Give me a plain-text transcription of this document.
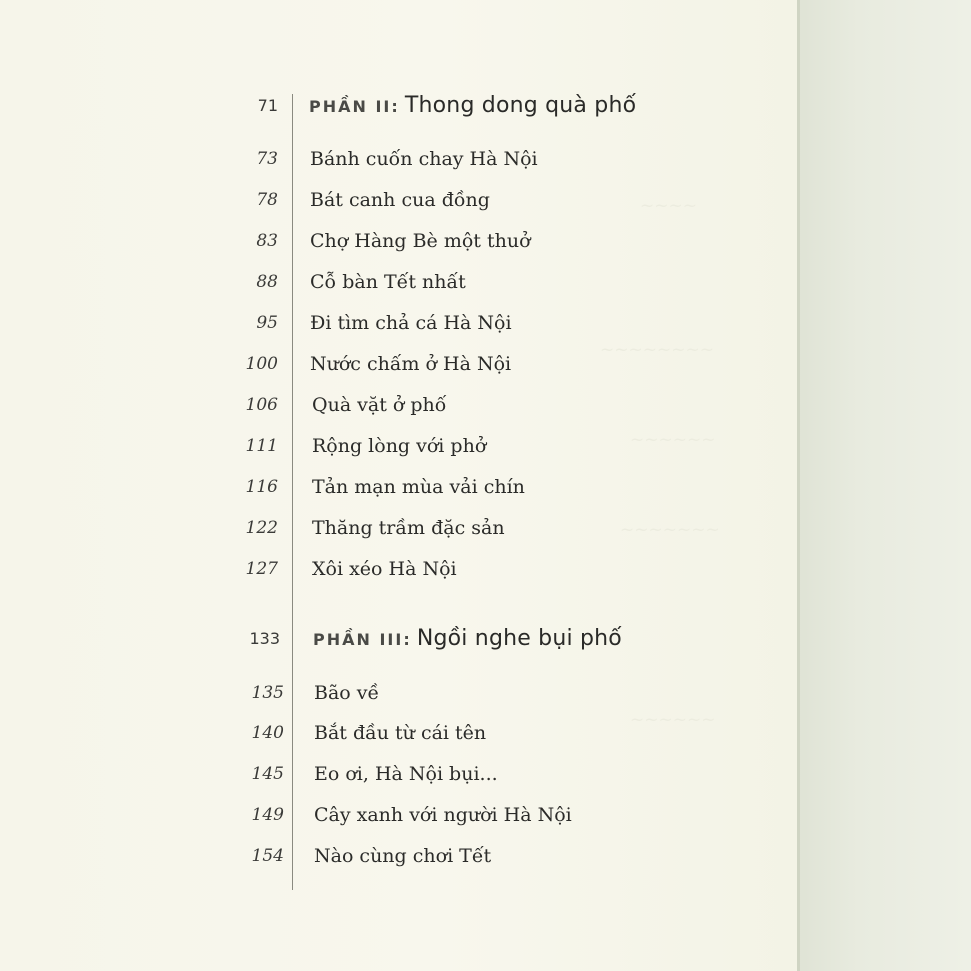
~~~~
~~~~~~~~
~~~~~~
~~~~~~~
~~~~~~
71 PHẦN II: Thong dong quà phố
73 Bánh cuốn chay Hà Nội
78 Bát canh cua đồng
83 Chợ Hàng Bè một thuở
88 Cỗ bàn Tết nhất
95 Đi tìm chả cá Hà Nội
100 Nước chấm ở Hà Nội
106 Quà vặt ở phố
111 Rộng lòng với phở
116 Tản mạn mùa vải chín
122 Thăng trầm đặc sản
127 Xôi xéo Hà Nội
133 PHẦN III: Ngồi nghe bụi phố
135 Bão về
140 Bắt đầu từ cái tên
145 Eo ơi, Hà Nội bụi...
149 Cây xanh với người Hà Nội
154 Nào cùng chơi Tết
